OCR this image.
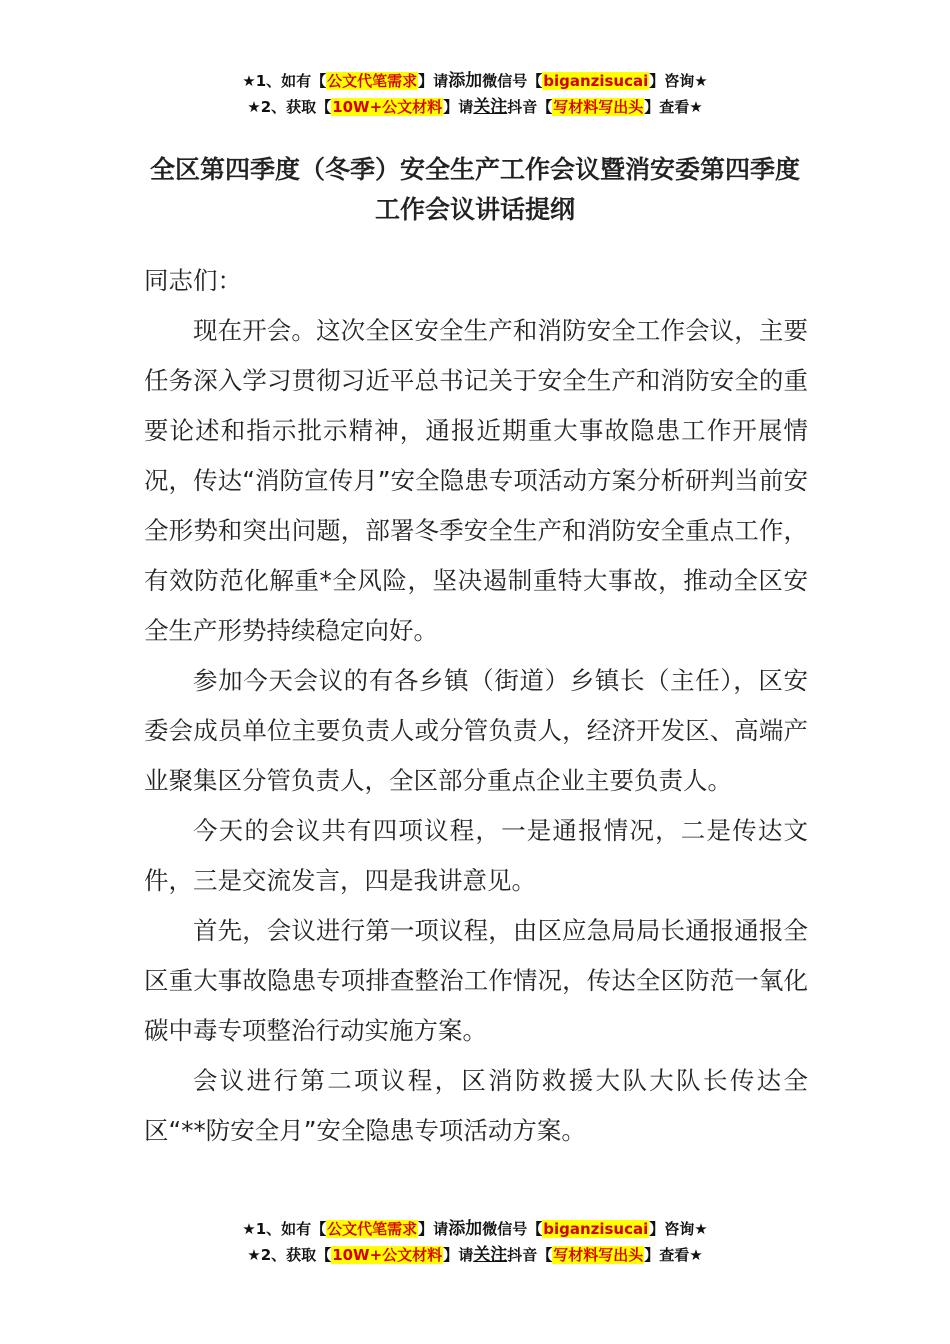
★1、如有【公文代笔需求】请添加微信号【biganzisucai】咨询★
★2、获取【10W+公文材料】请关注抖音【写材料写出头】查看★
全区第四季度（冬季）安全生产工作会议暨消安委第四季度工作会议讲话提纲

同志们：

现在开会。这次全区安全生产和消防安全工作会议，主要任务深入学习贯彻习近平总书记关于安全生产和消防安全的重要论述和指示批示精神，通报近期重大事故隐患工作开展情况，传达“消防宣传月”安全隐患专项活动方案分析研判当前安全形势和突出问题，部署冬季安全生产和消防安全重点工作，有效防范化解重*全风险，坚决遏制重特大事故，推动全区安全生产形势持续稳定向好。

参加今天会议的有各乡镇（街道）乡镇长（主任），区安委会成员单位主要负责人或分管负责人，经济开发区、高端产业聚集区分管负责人，全区部分重点企业主要负责人。

今天的会议共有四项议程，一是通报情况，二是传达文件，三是交流发言，四是我讲意见。

首先，会议进行第一项议程，由区应急局局长通报通报全区重大事故隐患专项排查整治工作情况，传达全区防范一氧化碳中毒专项整治行动实施方案。

会议进行第二项议程，区消防救援大队大队长传达全区“**防安全月”安全隐患专项活动方案。

★1、如有【公文代笔需求】请添加微信号【biganzisucai】咨询★
★2、获取【10W+公文材料】请关注抖音【写材料写出头】查看★
